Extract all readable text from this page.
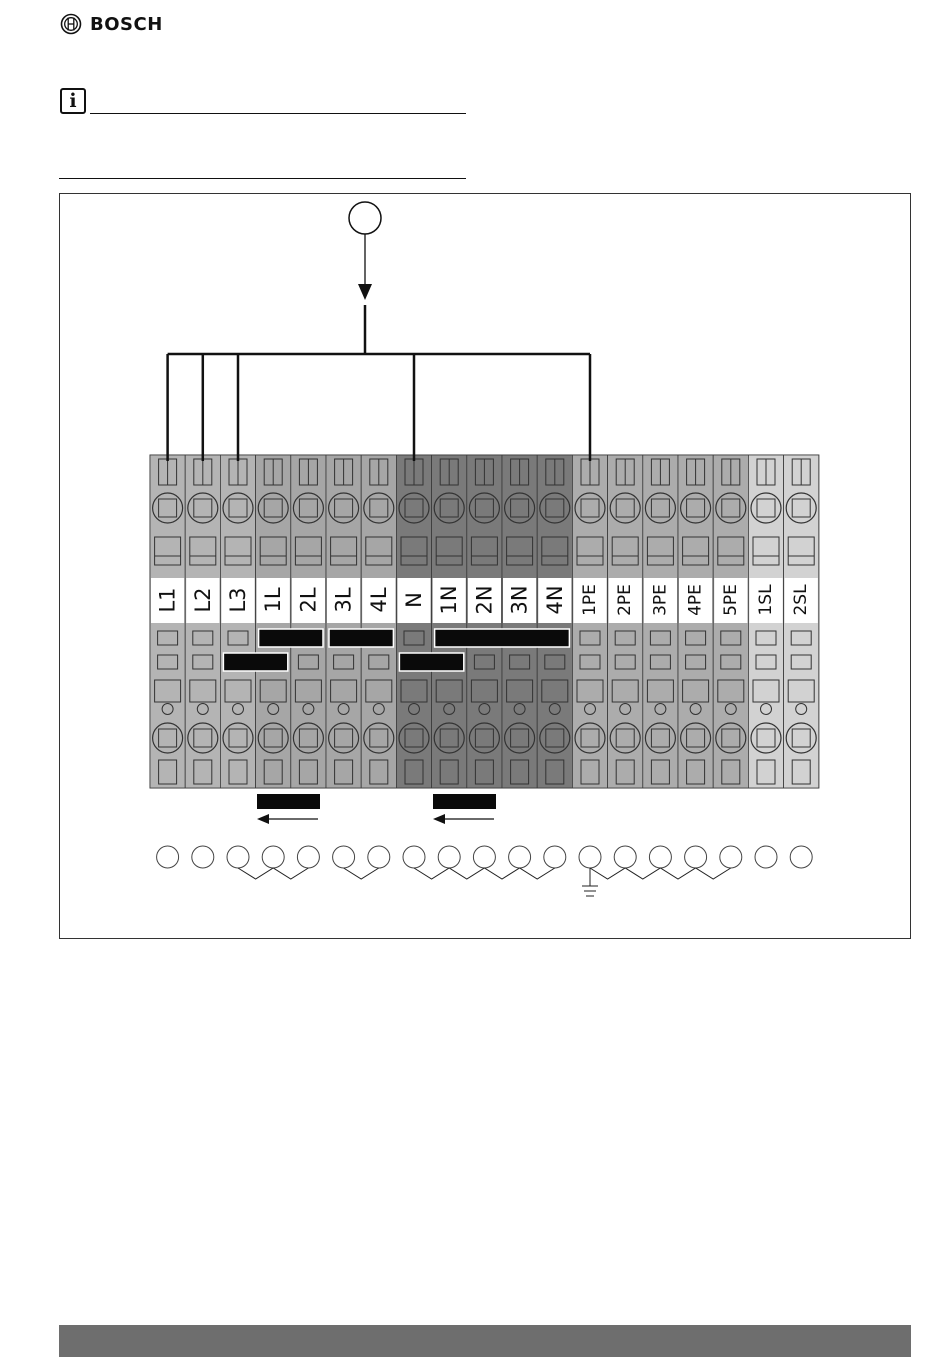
BOSCH
i
L1 L2 L3 1L 2L 3L 4L N 1N 2N 3N 4N 1PE 2PE 3PE 4PE 5PE 1SL 2SL
